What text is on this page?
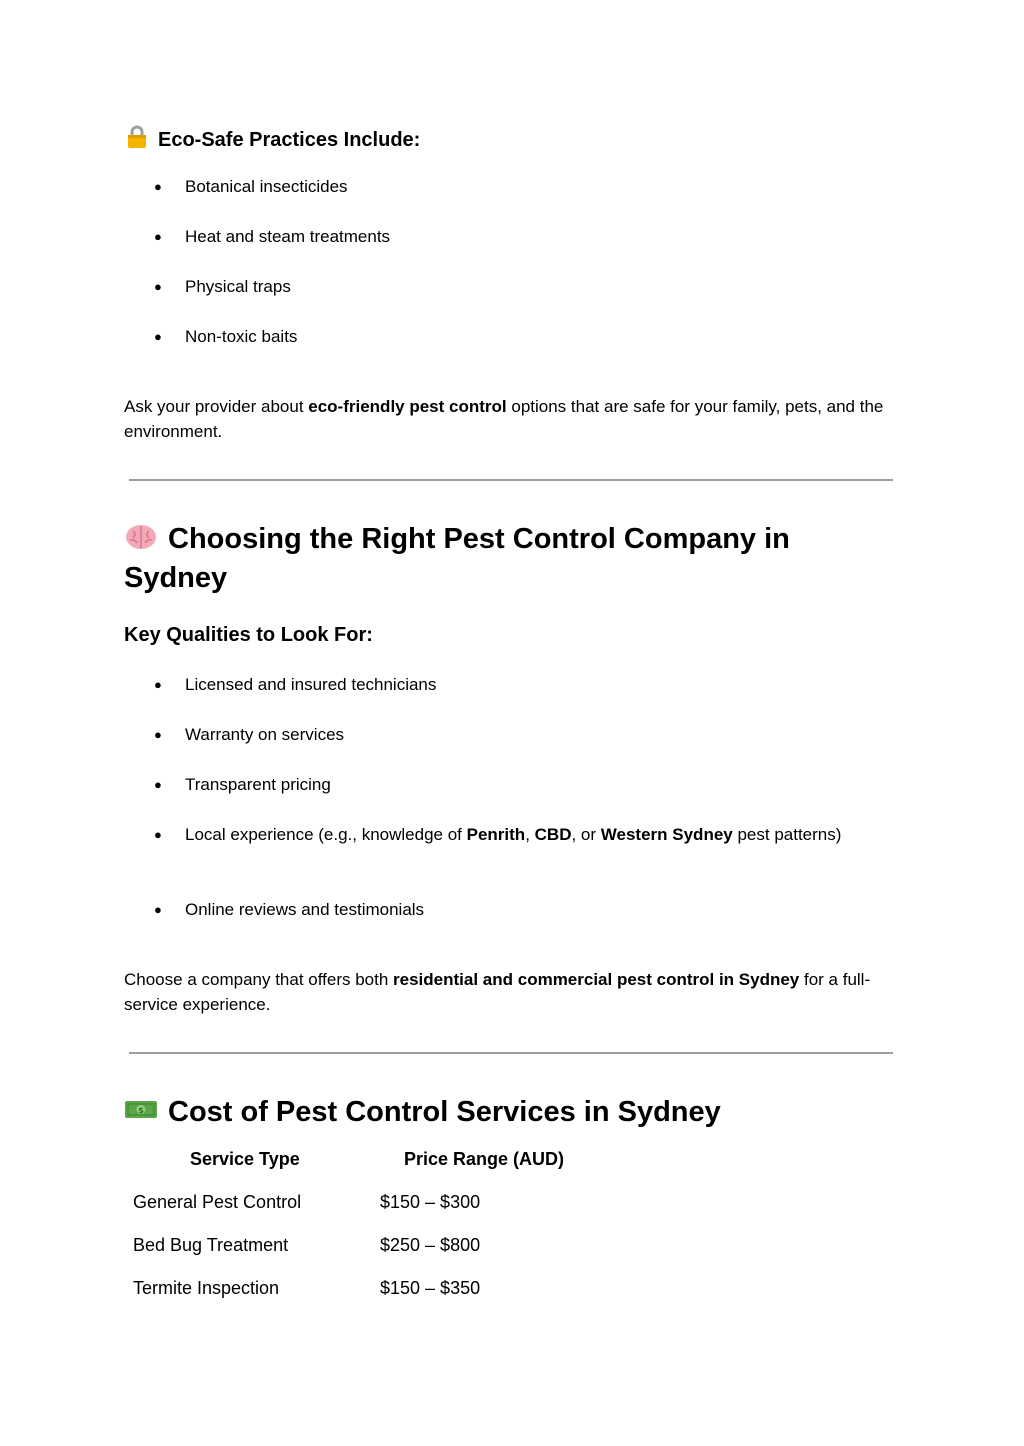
Eco-Safe Practices Include:
● Botanical insecticides
● Heat and steam treatments
● Physical traps
● Non-toxic baits

Ask your provider about eco-friendly pest control options that are safe for your family, pets, and the environment.

Choosing the Right Pest Control Company in Sydney
Key Qualities to Look For:
● Licensed and insured technicians
● Warranty on services
● Transparent pricing
● Local experience (e.g., knowledge of Penrith, CBD, or Western Sydney pest patterns)
● Online reviews and testimonials

Choose a company that offers both residential and commercial pest control in Sydney for a full-service experience.

$ Cost of Pest Control Services in Sydney
Service Type	Price Range (AUD)
General Pest Control	$150 – $300
Bed Bug Treatment	$250 – $800
Termite Inspection	$150 – $350
